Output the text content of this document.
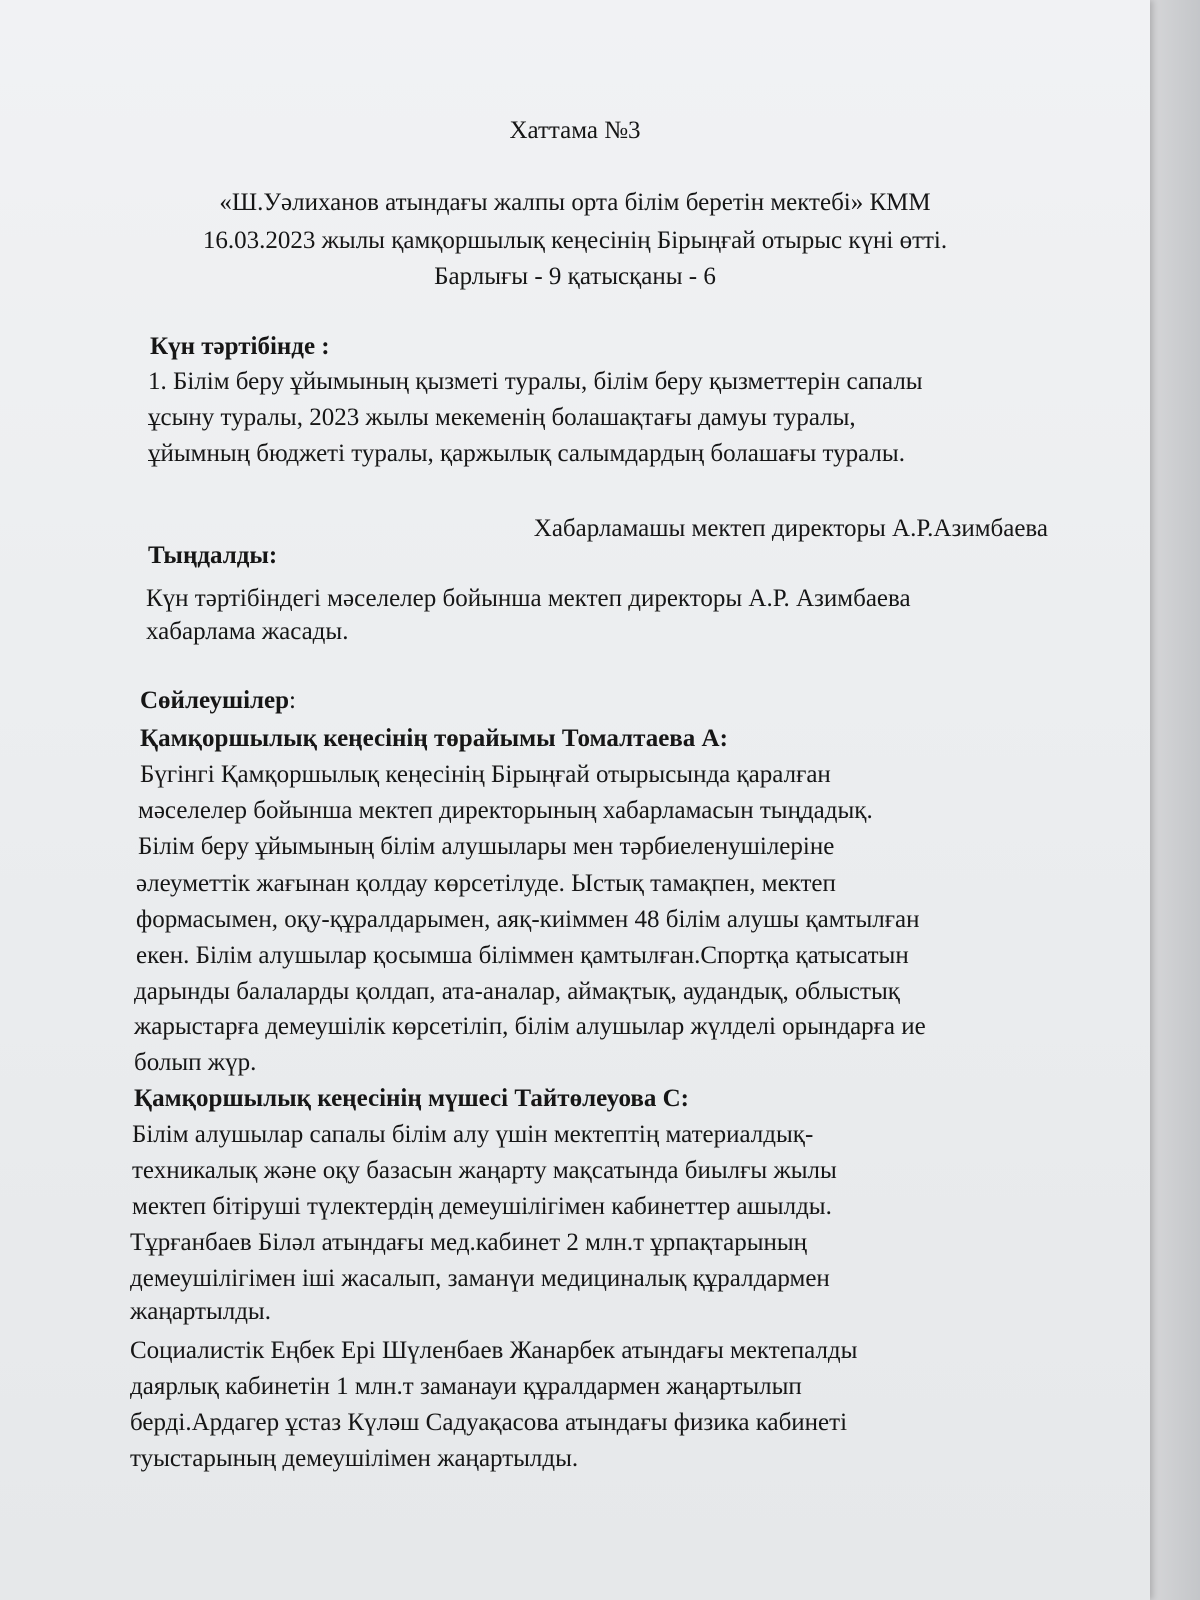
Хаттама №3
«Ш.Уәлиханов атындағы жалпы орта білім беретін мектебі» КММ
16.03.2023 жылы қамқоршылық кеңесінің Бірыңғай отырыс күні өтті.
Барлығы - 9 қатысқаны - 6
Күн тәртібінде :
1. Білім беру ұйымының қызметі туралы, білім беру қызметтерін сапалы
ұсыну туралы, 2023 жылы мекеменің болашақтағы дамуы туралы,
ұйымның бюджеті туралы, қаржылық салымдардың болашағы туралы.
Хабарламашы мектеп директоры А.Р.Азимбаева
Тыңдалды:
Күн тәртібіндегі мәселелер бойынша мектеп директоры А.Р. Азимбаева
хабарлама жасады.
Сөйлеушілер:
Қамқоршылық кеңесінің төрайымы Томалтаева А:
Бүгінгі Қамқоршылық кеңесінің Бірыңғай отырысында қаралған
мәселелер бойынша мектеп директорының хабарламасын тыңдадық.
Білім беру ұйымының білім алушылары мен тәрбиеленушілеріне
әлеуметтік жағынан қолдау көрсетілуде. Ыстық тамақпен, мектеп
формасымен, оқу-құралдарымен, аяқ-киіммен 48 білім алушы қамтылған
екен. Білім алушылар қосымша біліммен қамтылған.Спортқа қатысатын
дарынды балаларды қолдап, ата-аналар, аймақтық, аудандық, облыстық
жарыстарға демеушілік көрсетіліп, білім алушылар жүлделі орындарға ие
болып жүр.
Қамқоршылық кеңесінің мүшесі Тайтөлеуова С:
Білім алушылар сапалы білім алу үшін мектептің материалдық-
техникалық және оқу базасын жаңарту мақсатында биылғы жылы
мектеп бітіруші түлектердің демеушілігімен кабинеттер ашылды.
Тұрғанбаев Біләл атындағы мед.кабинет 2 млн.т ұрпақтарының
демеушілігімен іші жасалып, заманүи медициналық құралдармен
жаңартылды.
Социалистік Еңбек Ері Шүленбаев Жанарбек атындағы мектепалды
даярлық кабинетін 1 млн.т заманауи құралдармен жаңартылып
берді.Ардагер ұстаз Күләш Садуақасова атындағы физика кабинеті
туыстарының демеушілімен жаңартылды.
